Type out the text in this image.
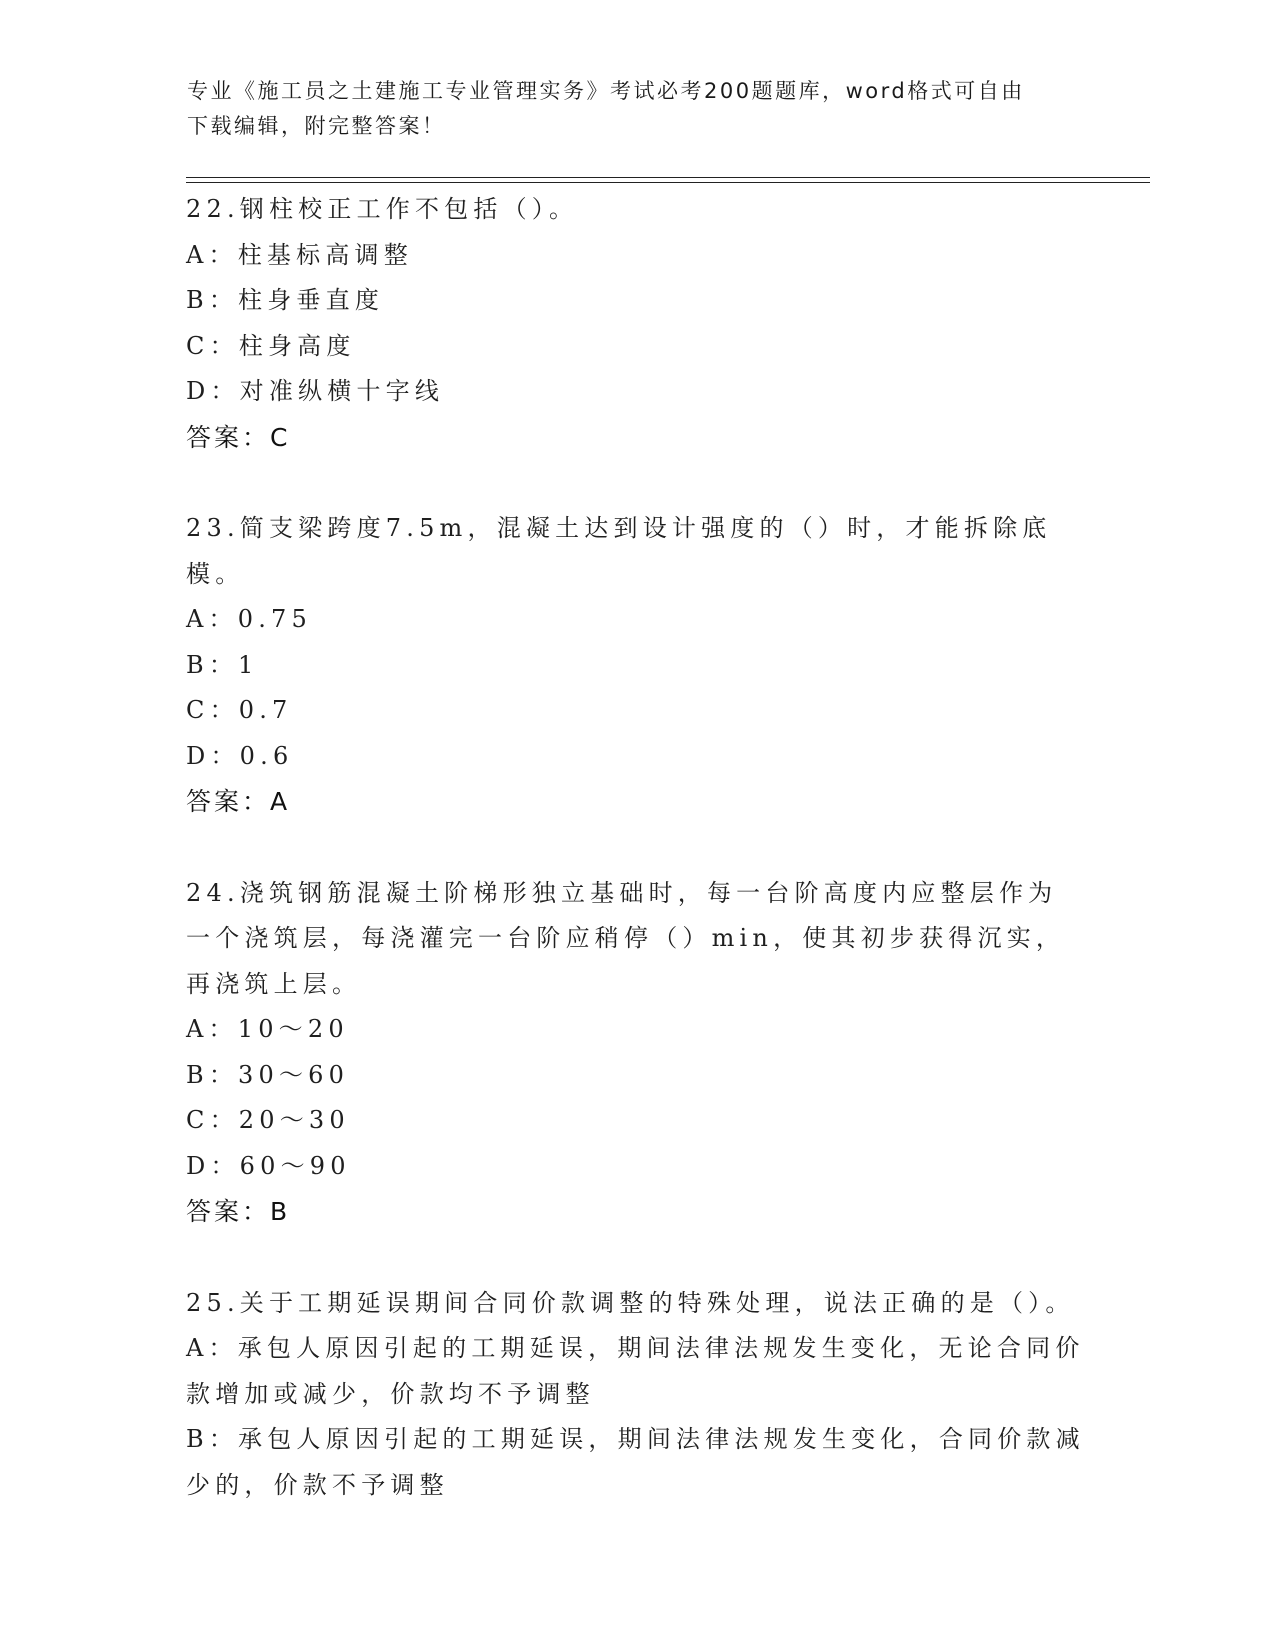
专业《施工员之土建施工专业管理实务》考试必考200题题库，word格式可自由
下载编辑，附完整答案！
22.钢柱校正工作不包括（）。
A：柱基标高调整
B：柱身垂直度
C：柱身高度
D：对准纵横十字线
答案：C
23.简支梁跨度7.5m，混凝土达到设计强度的（）时，才能拆除底模。
A：0.75
B：1
C：0.7
D：0.6
答案：A
24.浇筑钢筋混凝土阶梯形独立基础时，每一台阶高度内应整层作为一个浇筑层，每浇灌完一台阶应稍停（）min，使其初步获得沉实，再浇筑上层。
A：10～20
B：30～60
C：20～30
D：60～90
答案：B
25.关于工期延误期间合同价款调整的特殊处理，说法正确的是（）。
A：承包人原因引起的工期延误，期间法律法规发生变化，无论合同价款增加或减少，价款均不予调整
B：承包人原因引起的工期延误，期间法律法规发生变化，合同价款减少的，价款不予调整
